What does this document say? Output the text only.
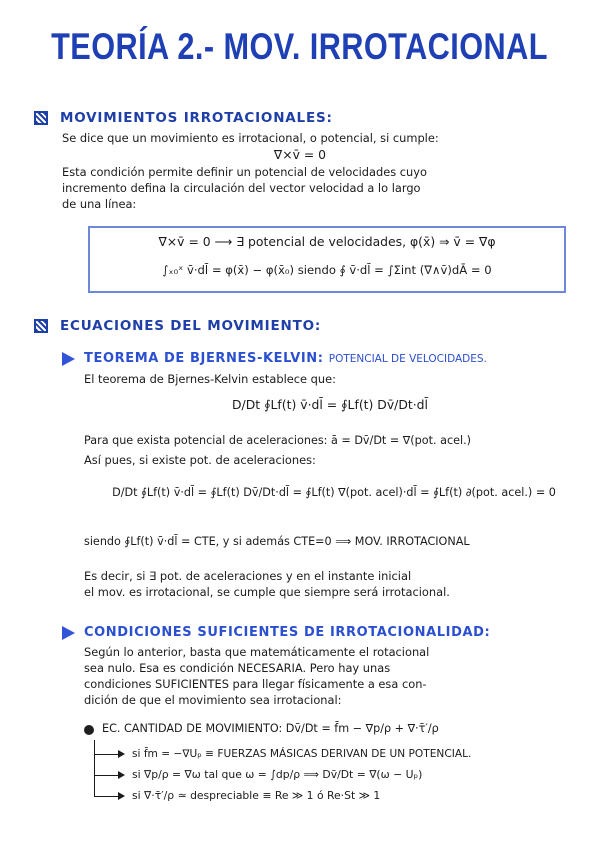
TEORÍA 2.- MOV. IRROTACIONAL
MOVIMIENTOS IRROTACIONALES:
Se dice que un movimiento es irrotacional, o potencial, si cumple:
∇×v̄ = 0
Esta condición permite definir un potencial de velocidades cuyo
incremento defina la circulación del vector velocidad a lo largo
de una línea:
∇×v̄ = 0 ⟶ ∃ potencial de velocidades, φ(x̄) ⇒ v̄ = ∇φ
∫ₓ₀ˣ v̄·dl̄ = φ(x̄) − φ(x̄₀) siendo ∮ v̄·dl̄ = ∫Σint (∇∧v̄)dĀ = 0
ECUACIONES DEL MOVIMIENTO:
TEOREMA DE BJERNES-KELVIN: POTENCIAL DE VELOCIDADES.
El teorema de Bjernes-Kelvin establece que:
D/Dt ∮Lf(t) v̄·dl̄ = ∮Lf(t) Dv̄/Dt·dl̄
Para que exista potencial de aceleraciones: ā = Dv̄/Dt = ∇(pot. acel.)
Así pues, si existe pot. de aceleraciones:
D/Dt ∮Lf(t) v̄·dl̄ = ∮Lf(t) Dv̄/Dt·dl̄ = ∮Lf(t) ∇(pot. acel)·dl̄ = ∮Lf(t) ∂(pot. acel.) = 0
siendo ∮Lf(t) v̄·dl̄ = CTE, y si además CTE=0 ⟹ MOV. IRROTACIONAL
Es decir, si ∃ pot. de aceleraciones y en el instante inicial
el mov. es irrotacional, se cumple que siempre será irrotacional.
CONDICIONES SUFICIENTES DE IRROTACIONALIDAD:
Según lo anterior, basta que matemáticamente el rotacional
sea nulo. Esa es condición NECESARIA. Pero hay unas
condiciones SUFICIENTES para llegar físicamente a esa con-
dición de que el movimiento sea irrotacional:
EC. CANTIDAD DE MOVIMIENTO: Dv̄/Dt = f̄m − ∇p/ρ + ∇·τ̄′/ρ
si f̄m = −∇Uₚ ≡ FUERZAS MÁSICAS DERIVAN DE UN POTENCIAL.
si ∇p/ρ = ∇ω tal que ω = ∫dp/ρ ⟹ Dv̄/Dt = ∇(ω − Uₚ)
si ∇·τ̄′/ρ ≃ despreciable ≡ Re ≫ 1 ó Re·St ≫ 1
